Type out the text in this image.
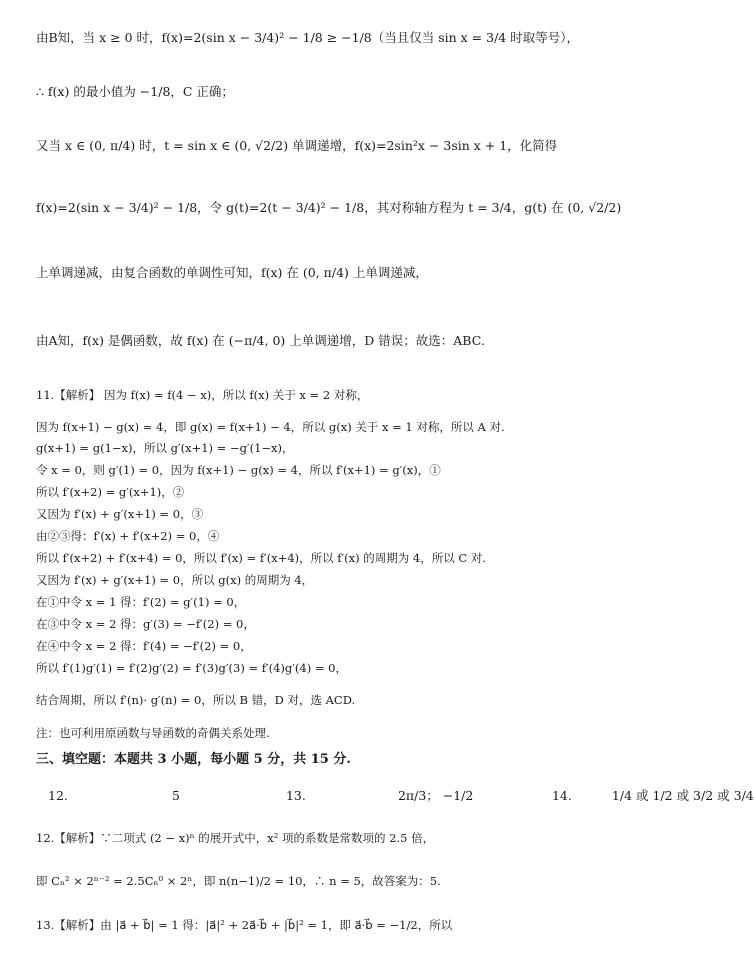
由B知，当 x ≥ 0 时，f(x)=2(sin x − 3/4)² − 1/8 ≥ −1/8（当且仅当 sin x = 3/4 时取等号），
∴ f(x) 的最小值为 −1/8，C 正确；
又当 x ∈ (0, π/4) 时，t = sin x ∈ (0, √2/2) 单调递增，f(x)=2sin²x − 3sin x + 1，化简得
f(x)=2(sin x − 3/4)² − 1/8，令 g(t)=2(t − 3/4)² − 1/8，其对称轴方程为 t = 3/4，g(t) 在 (0, √2/2)
上单调递减，由复合函数的单调性可知，f(x) 在 (0, π/4) 上单调递减，
由A知，f(x) 是偶函数，故 f(x) 在 (−π/4, 0) 上单调递增，D 错误；故选：ABC.
11.【解析】 因为 f(x) = f(4 − x)，所以 f(x) 关于 x = 2 对称，
因为 f(x+1) − g(x) = 4，即 g(x) = f(x+1) − 4，所以 g(x) 关于 x = 1 对称，所以 A 对.
g(x+1) = g(1−x)，所以 g′(x+1) = −g′(1−x)，
令 x = 0，则 g′(1) = 0，因为 f(x+1) − g(x) = 4，所以 f′(x+1) = g′(x)，①
所以 f′(x+2) = g′(x+1)，②
又因为 f′(x) + g′(x+1) = 0，③
由②③得：f′(x) + f′(x+2) = 0，④
所以 f′(x+2) + f′(x+4) = 0，所以 f′(x) = f′(x+4)，所以 f′(x) 的周期为 4，所以 C 对.
又因为 f′(x) + g′(x+1) = 0，所以 g(x) 的周期为 4，
在①中令 x = 1 得：f′(2) = g′(1) = 0，
在③中令 x = 2 得：g′(3) = −f′(2) = 0，
在④中令 x = 2 得：f′(4) = −f′(2) = 0，
所以 f′(1)g′(1) = f′(2)g′(2) = f′(3)g′(3) = f′(4)g′(4) = 0，
结合周期，所以 f′(n)· g′(n) = 0，所以 B 错，D 对，选 ACD.
注：也可利用原函数与导函数的奇偶关系处理.
三、填空题：本题共 3 小题，每小题 5 分，共 15 分.
12.	5	13.	2π/3； −1/2	14.	1/4 或 1/2 或 3/2 或 3/4
12.【解析】∵二项式 (2 − x)ⁿ 的展开式中，x² 项的系数是常数项的 2.5 倍，
即 Cₙ² × 2ⁿ⁻² = 2.5Cₙ⁰ × 2ⁿ，即 n(n−1)/2 = 10，∴ n = 5，故答案为：5.
13.【解析】由 |a⃗ + b⃗| = 1 得：|a⃗|² + 2a⃗·b⃗ + |b⃗|² = 1，即 a⃗·b⃗ = −1/2，所以
